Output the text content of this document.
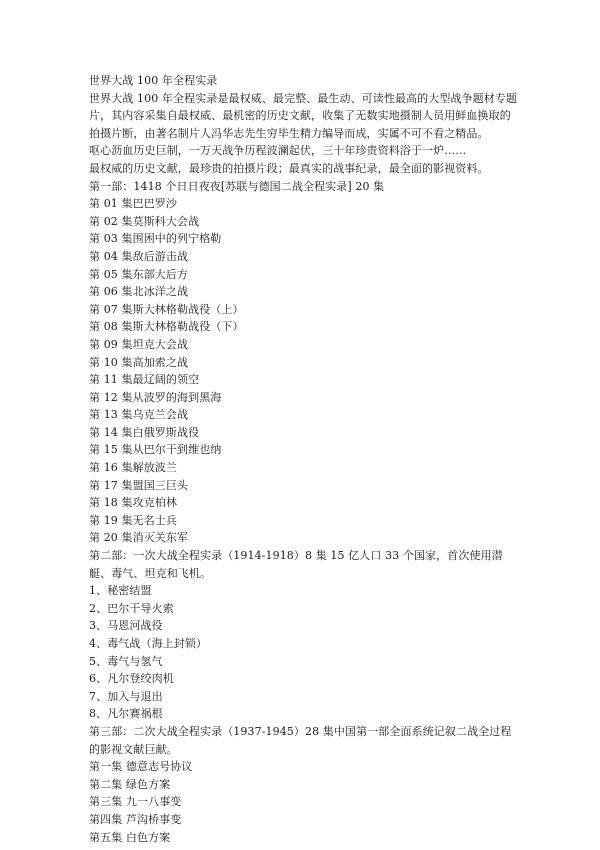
世界大战 100 年全程实录
世界大战 100 年全程实录是最权威、最完整、最生动、可读性最高的大型战争题材专题片，其内容采集自最权威、最机密的历史文献，收集了无数实地摄制人员用鲜血换取的拍摄片断，由著名制片人冯华志先生穷毕生精力编导而成，实属不可不看之精品。
呕心沥血历史巨制，一万天战争历程波澜起伏，三十年珍贵资料浴于一炉……
最权威的历史文献，最珍贵的拍摄片段；最真实的战事纪录，最全面的影视资料。
第一部：1418 个日日夜夜[苏联与德国二战全程实录] 20 集
第 01 集巴巴罗沙
第 02 集莫斯科大会战
第 03 集围困中的列宁格勒
第 04 集敌后游击战
第 05 集东部大后方
第 06 集北冰洋之战
第 07 集斯大林格勒战役（上）
第 08 集斯大林格勒战役（下）
第 09 集坦克大会战
第 10 集高加索之战
第 11 集最辽阔的领空
第 12 集从波罗的海到黑海
第 13 集乌克兰会战
第 14 集白俄罗斯战役
第 15 集从巴尔干到维也纳
第 16 集解放波兰
第 17 集盟国三巨头
第 18 集攻克柏林
第 19 集无名士兵
第 20 集消灭关东军
第二部：一次大战全程实录（1914-1918）8 集 15 亿人口 33 个国家，首次使用潜艇、毒气、坦克和飞机。
1、秘密结盟
2、巴尔干导火索
3、马恩河战役
4、毒气战（海上封锁）
5、毒气与氢气
6、凡尔登绞肉机
7、加入与退出
8、凡尔赛祸根
第三部：二次大战全程实录（1937-1945）28 集中国第一部全面系统记叙二战全过程的影视文献巨献。
第一集 德意志号协议
第二集 绿色方案
第三集 九一八事变
第四集 芦沟桥事变
第五集 白色方案
